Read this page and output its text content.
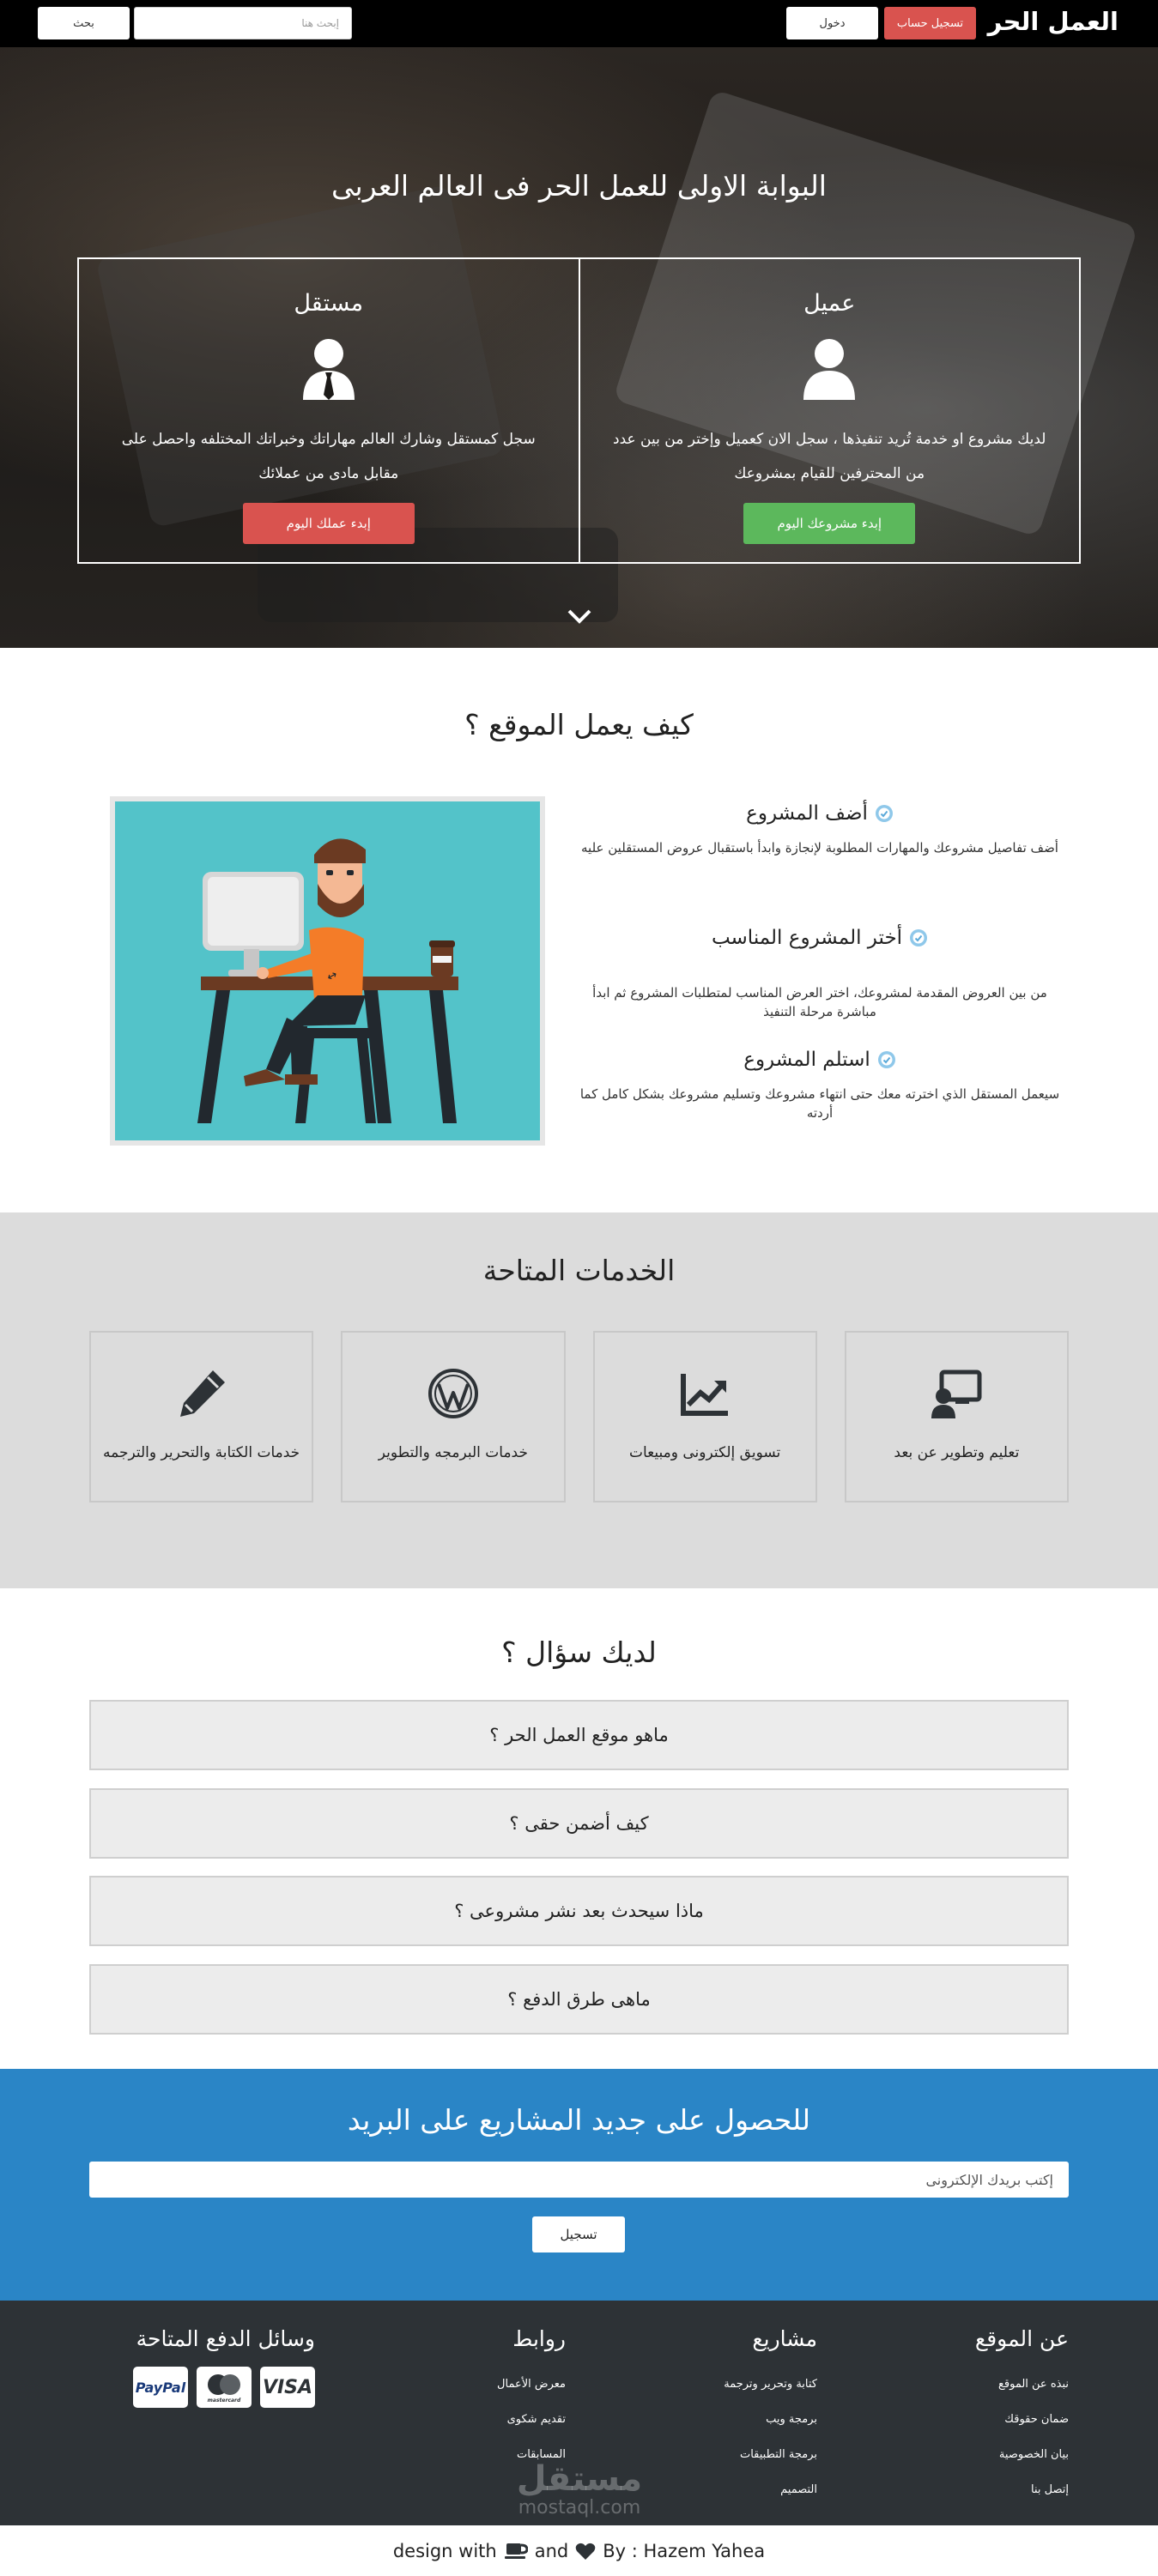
العمل الحر
تسجيل حساب
دخول
إبحث هنا
بحث
البوابة الاولى للعمل الحر فى العالم العربى
عميل
لديك مشروع او خدمة تُريد تنفيذها ، سجل الان كعميل وإختر من بين عدد من المحترفين للقيام بمشروعك
إبدء مشروعك اليوم
مستقل
سجل كمستقل وشارك العالم مهاراتك وخبراتك المختلفه واحصل على مقابل مادى من عملائك
إبدء عملك اليوم
كيف يعمل الموقع ؟
↔
أضف المشروع
أضف تفاصيل مشروعك والمهارات المطلوبة لإنجازة وابدأ باستقبال عروض المستقلين عليه
أختر المشروع المناسب
من بين العروض المقدمة لمشروعك، اختر العرض المناسب لمتطلبات المشروع ثم ابدأ مباشرة مرحلة التنفيذ
استلم المشروع
سيعمل المستقل الذي اخترته معك حتى انتهاء مشروعك وتسليم مشروعك بشكل كامل كما أردته
الخدمات المتاحة
تعليم وتطوير عن بعد
تسويق إلكترونى ومبيعات
خدمات البرمجه والتطوير
خدمات الكتابة والتحرير والترجمه
لديك سؤال ؟
ماهو موقع العمل الحر ؟
كيف أضمن حقى ؟
ماذا سيحدث بعد نشر مشروعى ؟
ماهى طرق الدفع ؟
للحصول على جديد المشاريع على البريد
إكتب بريدك الإلكترونى
تسجيل
عن الموقع
نبذه عن الموقع
ضمان حقوقك
بيان الخصوصية
إتصل بنا
مشاريع
كتابة وتحرير وترجمة
برمجة ويب
برمجة التطبيقات
التصميم
روابط
معرض الأعمال
تقديم شكوى
المسابقات
وسائل الدفع المتاحة
PayPal
mastercard
VISA
مستقل
mostaql.com
design with and By : Hazem Yahea
